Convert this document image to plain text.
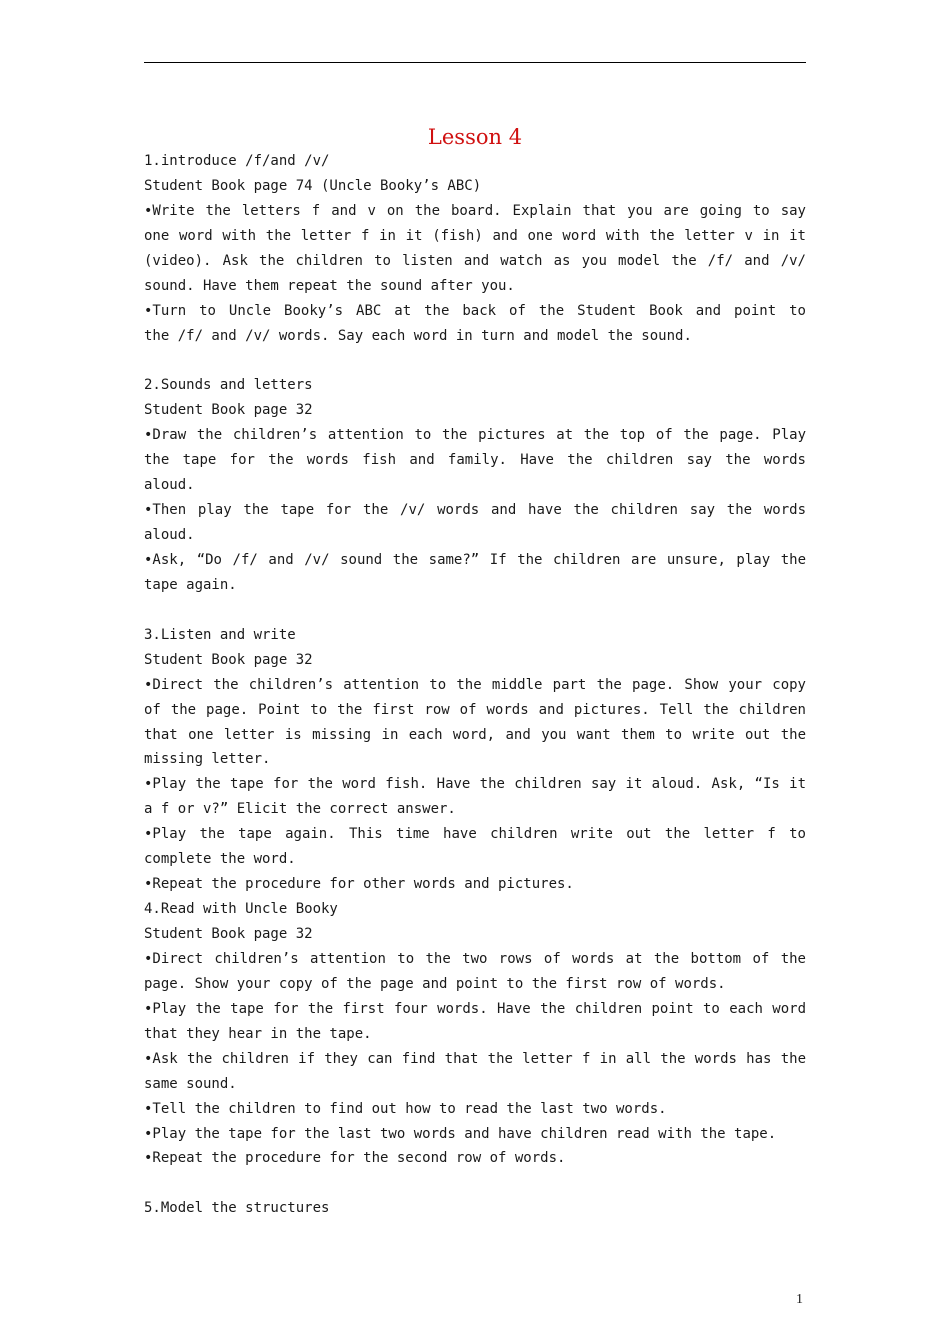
Lesson 4

1.introduce /f/and /v/

Student Book page 74 (Uncle Booky’s ABC)

•Write the letters f and v on the board. Explain that you are going to say

one word with the letter f in it (fish) and one word with the letter v in it

(video). Ask the children to listen and watch as you model the /f/ and /v/

sound. Have them repeat the sound after you.

•Turn to Uncle Booky’s ABC at the back of the Student Book and point to

the /f/ and /v/ words. Say each word in turn and model the sound.

2.Sounds and letters

Student Book page 32

•Draw the children’s attention to the pictures at the top of the page. Play

the tape for the words fish and family. Have the children say the words

aloud.

•Then play the tape for the /v/ words and have the children say the words

aloud.

•Ask, “Do /f/ and /v/ sound the same?” If the children are unsure, play the

tape again.

3.Listen and write

Student Book page 32

•Direct the children’s attention to the middle part the page. Show your copy

of the page. Point to the first row of words and pictures. Tell the children

that one letter is missing in each word, and you want them to write out the

missing letter.

•Play the tape for the word fish. Have the children say it aloud. Ask, “Is it

a f or v?” Elicit the correct answer.

•Play the tape again. This time have children write out the letter f to

complete the word.

•Repeat the procedure for other words and pictures.

4.Read with Uncle Booky

Student Book page 32

•Direct children’s attention to the two rows of words at the bottom of the

page. Show your copy of the page and point to the first row of words.

•Play the tape for the first four words. Have the children point to each word

that they hear in the tape.

•Ask the children if they can find that the letter f in all the words has the

same sound.

•Tell the children to find out how to read the last two words.

•Play the tape for the last two words and have children read with the tape.

•Repeat the procedure for the second row of words.

5.Model the structures

1
